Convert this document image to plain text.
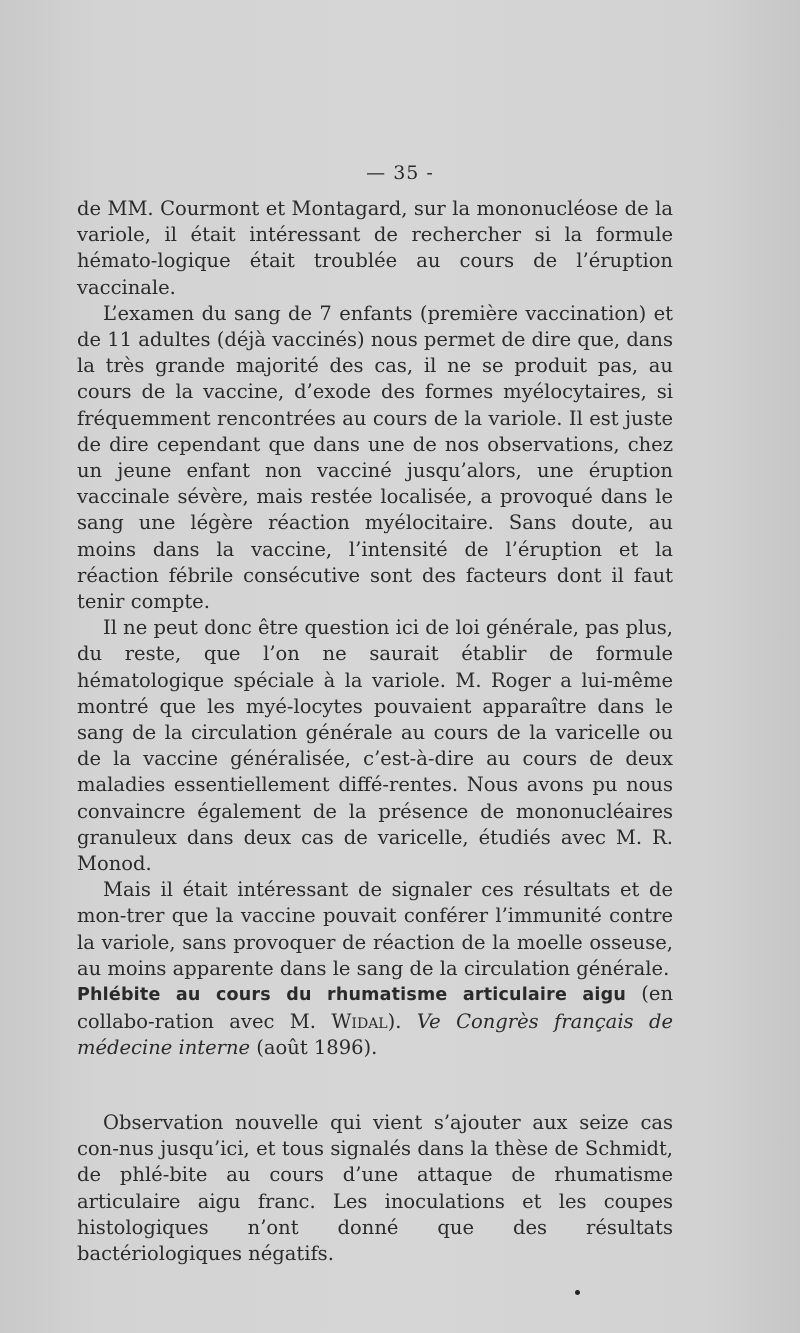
— 35 -

de MM. Courmont et Montagard, sur la mononucléose de la variole, il était intéressant de rechercher si la formule hémato-logique était troublée au cours de l’éruption vaccinale.

L’examen du sang de 7 enfants (première vaccination) et de 11 adultes (déjà vaccinés) nous permet de dire que, dans la très grande majorité des cas, il ne se produit pas, au cours de la vaccine, d’exode des formes myélocytaires, si fréquemment rencontrées au cours de la variole. Il est juste de dire cependant que dans une de nos observations, chez un jeune enfant non vacciné jusqu’alors, une éruption vaccinale sévère, mais restée localisée, a provoqué dans le sang une légère réaction myélocitaire. Sans doute, au moins dans la vaccine, l’intensité de l’éruption et la réaction fébrile consécutive sont des facteurs dont il faut tenir compte.

Il ne peut donc être question ici de loi générale, pas plus, du reste, que l’on ne saurait établir de formule hématologique spéciale à la variole. M. Roger a lui-même montré que les myé-locytes pouvaient apparaître dans le sang de la circulation générale au cours de la varicelle ou de la vaccine généralisée, c’est-à-dire au cours de deux maladies essentiellement diffé-rentes. Nous avons pu nous convaincre également de la présence de mononucléaires granuleux dans deux cas de varicelle, étudiés avec M. R. Monod.

Mais il était intéressant de signaler ces résultats et de mon-trer que la vaccine pouvait conférer l’immunité contre la variole, sans provoquer de réaction de la moelle osseuse, au moins apparente dans le sang de la circulation générale.

Phlébite au cours du rhumatisme articulaire aigu (en collabo-ration avec M. Widal). Ve Congrès français de médecine interne (août 1896).
Observation nouvelle qui vient s’ajouter aux seize cas con-nus jusqu’ici, et tous signalés dans la thèse de Schmidt, de phlé-bite au cours d’une attaque de rhumatisme articulaire aigu franc. Les inoculations et les coupes histologiques n’ont donné que des résultats bactériologiques négatifs.
